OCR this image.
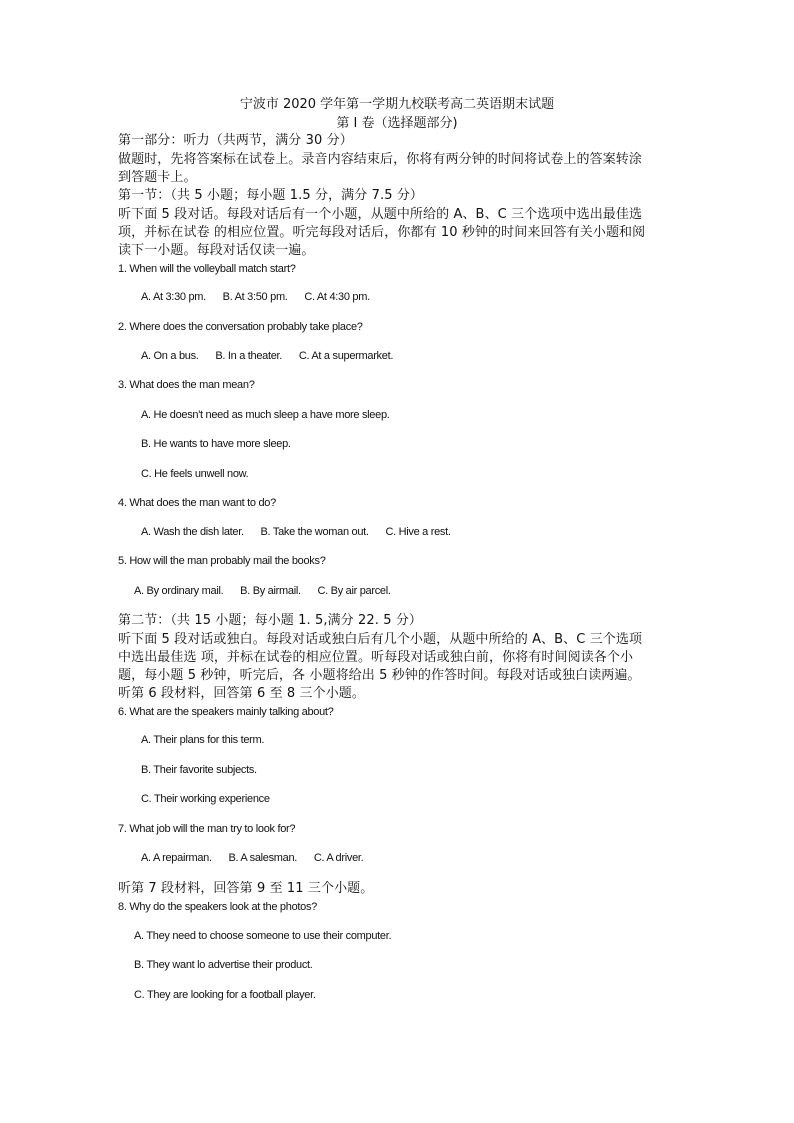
宁波市 2020 学年第一学期九校联考高二英语期末试题
第 I 卷（选择题部分)
第一部分：听力（共两节，满分 30 分）
做题时，先将答案标在试卷上。录音内容结束后，你将有两分钟的时间将试卷上的答案转涂
到答题卡上。
第一节：（共 5 小题；每小题 1.5 分，满分 7.5 分）
听下面 5 段对话。每段对话后有一个小题，从题中所给的 A、B、C 三个选项中选出最佳选
项，并标在试卷 的相应位置。听完每段对话后，你都有 10 秒钟的时间来回答有关小题和阅
读下一小题。每段对话仅读一遍。
1. When will the volleyball match start?
A. At 3:30 pm. B. At 3:50 pm. C. At 4:30 pm.
2. Where does the conversation probably take place?
A. On a bus. B. In a theater. C. At a supermarket.
3. What does the man mean?
A. He doesn't need as much sleep a have more sleep.
B. He wants to have more sleep.
C. He feels unwell now.
4. What does the man want to do?
A. Wash the dish later. B. Take the woman out. C. Hive a rest.
5. How will the man probably mail the books?
A. By ordinary mail. B. By airmail. C. By air parcel.
第二节：（共 15 小题；每小题 1. 5,满分 22. 5 分）
听下面 5 段对话或独白。每段对话或独白后有几个小题，从题中所给的 A、B、C 三个选项
中选出最佳选 项，并标在试卷的相应位置。听每段对话或独白前，你将有时间阅读各个小
题，每小题 5 秒钟，听完后，各 小题将给出 5 秒钟的作答时间。每段对话或独白读两遍。
听第 6 段材料，回答第 6 至 8 三个小题。
6. What are the speakers mainly talking about?
A. Their plans for this term.
B. Their favorite subjects.
C. Their working experience
7. What job will the man try to look for?
A. A repairman. B. A salesman. C. A driver.
听第 7 段材料，回答第 9 至 11 三个小题。
8. Why do the speakers look at the photos?
A. They need to choose someone to use their computer.
B. They want lo advertise their product.
C. They are looking for a football player.
